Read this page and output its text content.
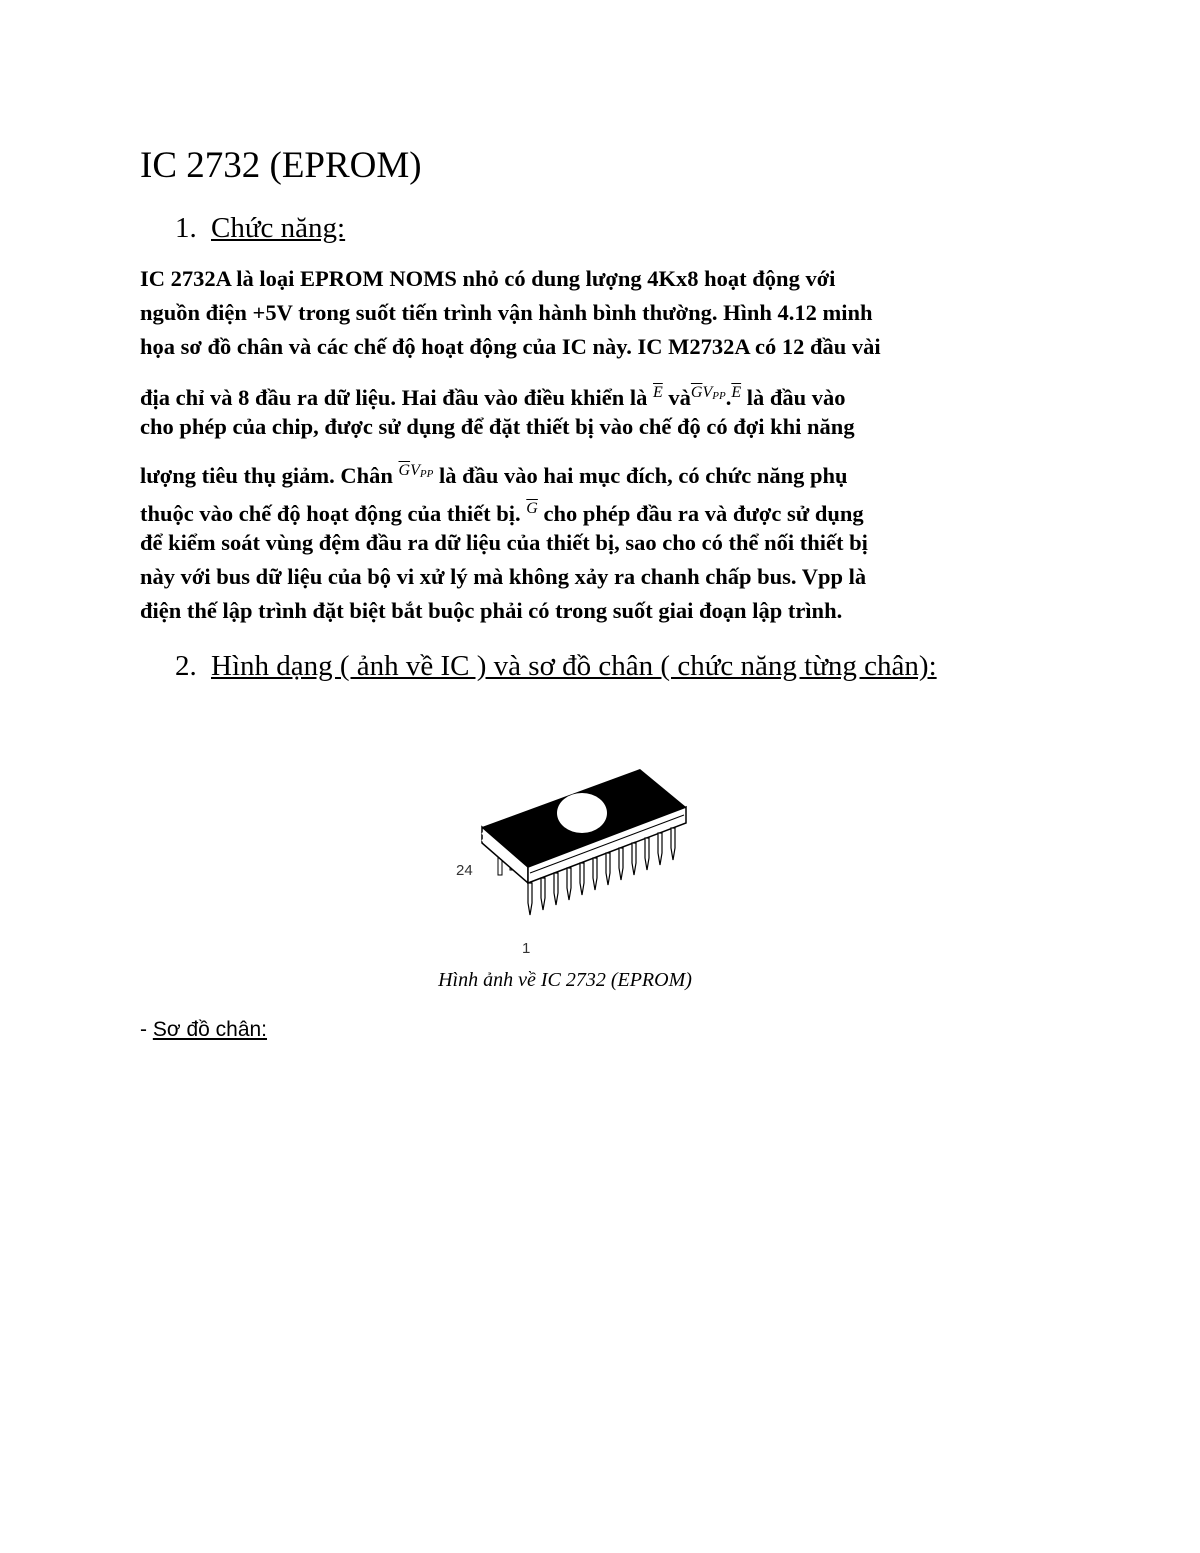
IC 2732 (EPROM)
1. Chức năng:
IC 2732A là loại EPROM NOMS nhỏ có dung lượng 4Kx8 hoạt động với
nguồn điện +5V trong suốt tiến trình vận hành bình thường. Hình 4.12 minh
họa sơ đồ chân và các chế độ hoạt động của IC này. IC M2732A có 12 đầu vài
địa chỉ và 8 đầu ra dữ liệu. Hai đầu vào điều khiển là $^{\overline{E}}$ $và^{\overline{G}VPP}.^{\overline{E}}$ là đầu vào
cho phép của chip, được sử dụng để đặt thiết bị vào chế độ có đợi khi năng
lượng tiêu thụ giảm. Chân $^{\overline{G}VPP}$ là đầu vào hai mục đích, có chức năng phụ
thuộc vào chế độ hoạt động của thiết bị. $^{\overline{G}}$ cho phép đầu ra và được sử dụng
để kiểm soát vùng đệm đầu ra dữ liệu của thiết bị, sao cho có thể nối thiết bị
này với bus dữ liệu của bộ vi xử lý mà không xảy ra chanh chấp bus. Vpp là
điện thế lập trình đặt biệt bắt buộc phải có trong suốt giai đoạn lập trình.
2. Hình dạng ( ảnh về IC ) và sơ đồ chân ( chức năng từng chân):
24
1
Hình ảnh về IC 2732 (EPROM)
- Sơ đồ chân:
